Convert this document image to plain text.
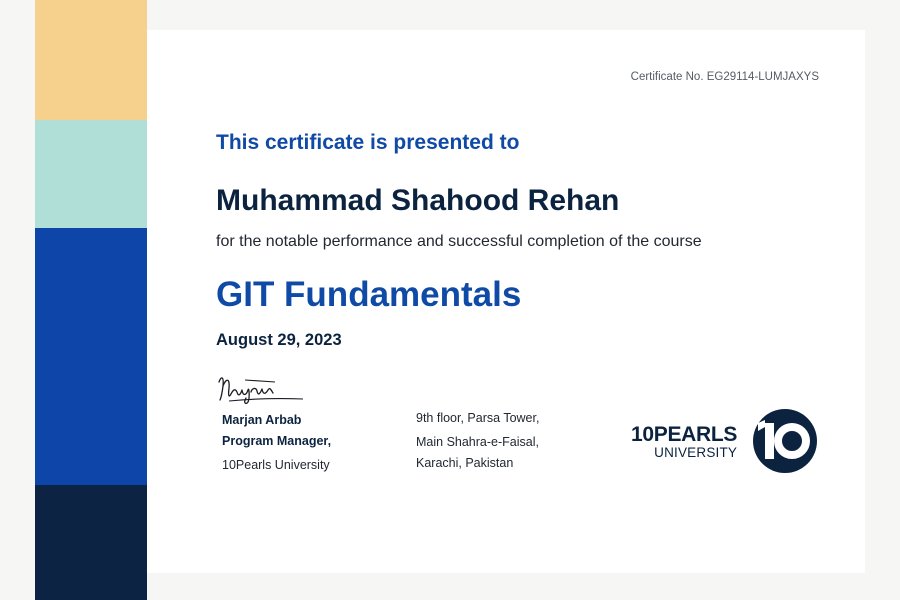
Certificate No. EG29114-LUMJAXYS
This certificate is presented to
Muhammad Shahood Rehan
for the notable performance and successful completion of the course
GIT Fundamentals
August 29, 2023
Marjan Arbab
Program Manager,
10Pearls University
9th floor, Parsa Tower,
Main Shahra-e-Faisal,
Karachi, Pakistan
10PEARLS
UNIVERSITY
